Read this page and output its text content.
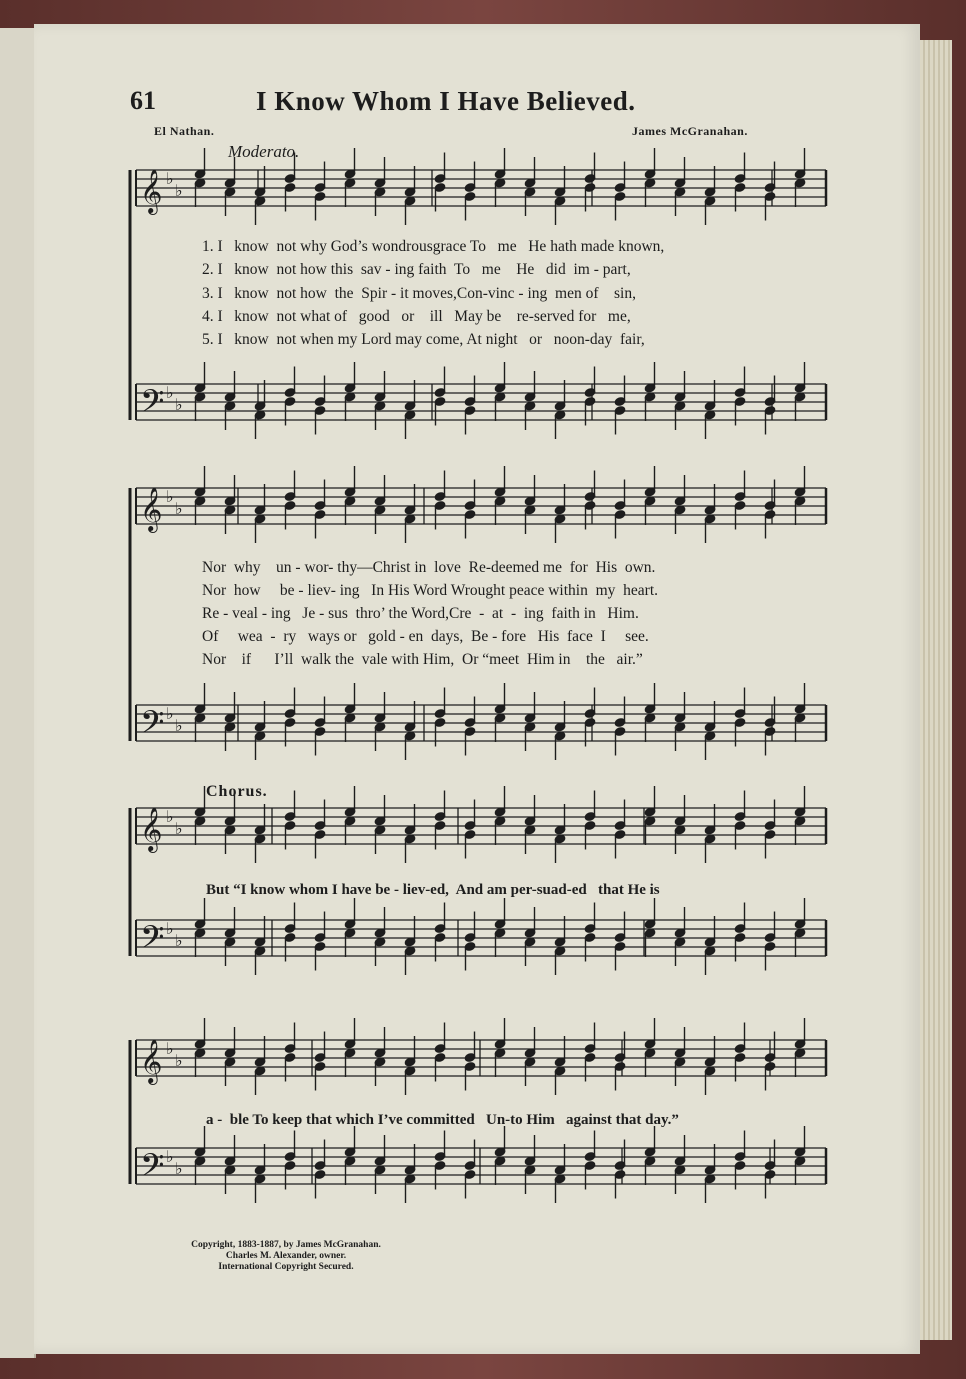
61	I Know Whom I Have Believed.
El Nathan.	James McGranahan.
Moderato.
𝄞 ♭
♭
𝄢 ♭
♭
𝄞 ♭
♭
𝄢 ♭
♭
𝄞 ♭
♭
𝄢 ♭
♭
𝄞 ♭
♭
𝄢 ♭
♭
1. I   know  not why God’s wondrousgrace To   me   He hath made known,
2. I   know  not how this  sav - ing faith  To   me    He   did  im - part,
3. I   know  not how  the  Spir - it moves,Con-vinc - ing  men of    sin,
4. I   know  not what of   good   or    ill   May be    re-served for   me,
5. I   know  not when my Lord may come, At night   or   noon-day  fair,
Nor  why    un - wor- thy—Christ in  love  Re-deemed me  for  His  own.
Nor  how     be - liev- ing   In His Word Wrought peace within  my  heart.
Re - veal - ing   Je - sus  thro’ the Word,Cre  -  at  -  ing  faith in   Him.
Of     wea  -  ry   ways or   gold - en  days,  Be - fore   His  face  I     see.
Nor    if      I’ll  walk the  vale with Him,  Or “meet  Him in    the   air.”
Chorus.
But “I know whom I have be - liev-ed,  And am per-suad-ed   that He is
a -  ble To keep that which I’ve committed   Un-to Him   against that day.”
Copyright, 1883-1887, by James McGranahan.
Charles M. Alexander, owner.
International Copyright Secured.
